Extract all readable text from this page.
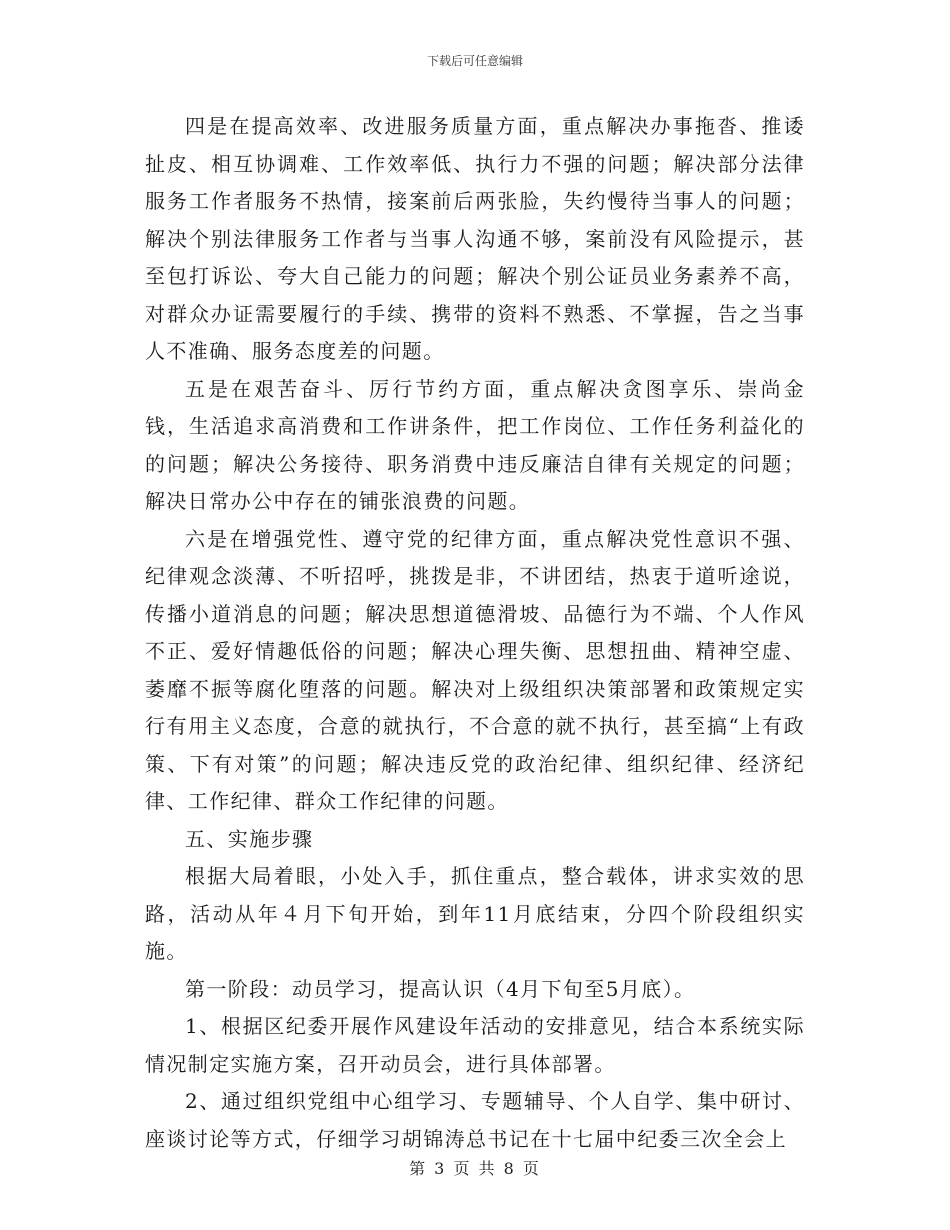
下载后可任意编辑

四是在提高效率、改进服务质量方面，重点解决办事拖沓、推诿扯皮、相互协调难、工作效率低、执行力不强的问题；解决部分法律服务工作者服务不热情，接案前后两张脸，失约慢待当事人的问题；解决个别法律服务工作者与当事人沟通不够，案前没有风险提示，甚至包打诉讼、夸大自己能力的问题；解决个别公证员业务素养不高，对群众办证需要履行的手续、携带的资料不熟悉、不掌握，告之当事人不准确、服务态度差的问题。

五是在艰苦奋斗、厉行节约方面，重点解决贪图享乐、崇尚金钱，生活追求高消费和工作讲条件，把工作岗位、工作任务利益化的的问题；解决公务接待、职务消费中违反廉洁自律有关规定的问题；解决日常办公中存在的铺张浪费的问题。

六是在增强党性、遵守党的纪律方面，重点解决党性意识不强、纪律观念淡薄、不听招呼，挑拨是非，不讲团结，热衷于道听途说，传播小道消息的问题；解决思想道德滑坡、品德行为不端、个人作风不正、爱好情趣低俗的问题；解决心理失衡、思想扭曲、精神空虚、萎靡不振等腐化堕落的问题。解决对上级组织决策部署和政策规定实行有用主义态度，合意的就执行，不合意的就不执行，甚至搞“上有政策、下有对策”的问题；解决违反党的政治纪律、组织纪律、经济纪律、工作纪律、群众工作纪律的问题。

五、实施步骤

根据大局着眼，小处入手，抓住重点，整合载体，讲求实效的思路，活动从年４月下旬开始，到年11月底结束，分四个阶段组织实施。

第一阶段：动员学习，提高认识（4月下旬至5月底）。

1、根据区纪委开展作风建设年活动的安排意见，结合本系统实际情况制定实施方案，召开动员会，进行具体部署。

2、通过组织党组中心组学习、专题辅导、个人自学、集中研讨、座谈讨论等方式，仔细学习胡锦涛总书记在十七届中纪委三次全会上

第 3 页 共 8 页
